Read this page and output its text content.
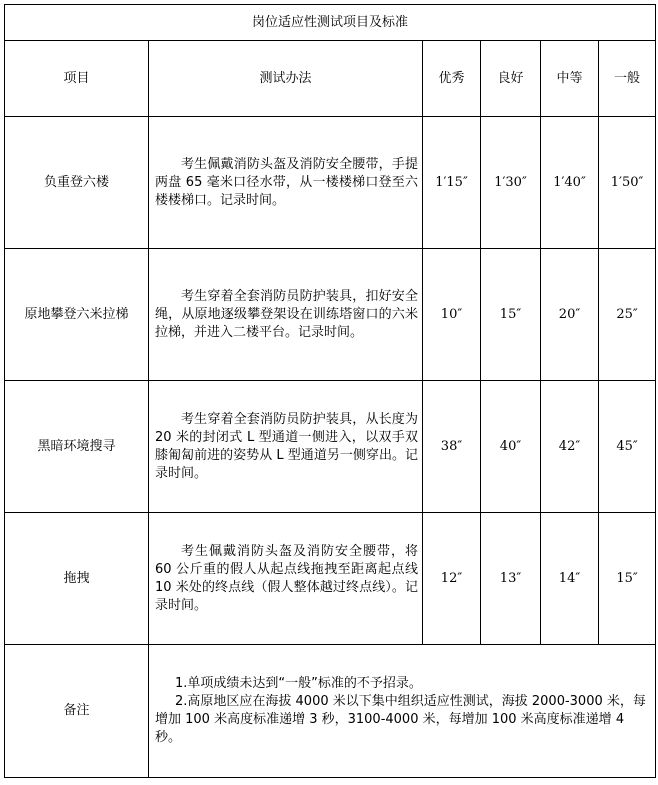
岗位适应性测试项目及标准					
项目	测试办法	优秀	良好	中等	一般
负重登六楼	考生佩戴消防头盔及消防安全腰带，手提两盘 65 毫米口径水带，从一楼楼梯口登至六楼楼梯口。记录时间。	1′15″	1′30″	1′40″	1′50″
原地攀登六米拉梯	考生穿着全套消防员防护装具，扣好安全绳，从原地逐级攀登架设在训练塔窗口的六米拉梯，并进入二楼平台。记录时间。	10″	15″	20″	25″
黑暗环境搜寻	考生穿着全套消防员防护装具，从长度为 20 米的封闭式 L 型通道一侧进入，以双手双膝匍匐前进的姿势从 L 型通道另一侧穿出。记录时间。	38″	40″	42″	45″
拖拽	考生佩戴消防头盔及消防安全腰带，将 60 公斤重的假人从起点线拖拽至距离起点线 10 米处的终点线（假人整体越过终点线）。记录时间。	12″	13″	14″	15″
备注	1.单项成绩未达到“一般”标准的不予招录。
2.高原地区应在海拔 4000 米以下集中组织适应性测试，海拔 2000-3000 米，每增加 100 米高度标准递增 3 秒，3100-4000 米，每增加 100 米高度标准递增 4 秒。				
